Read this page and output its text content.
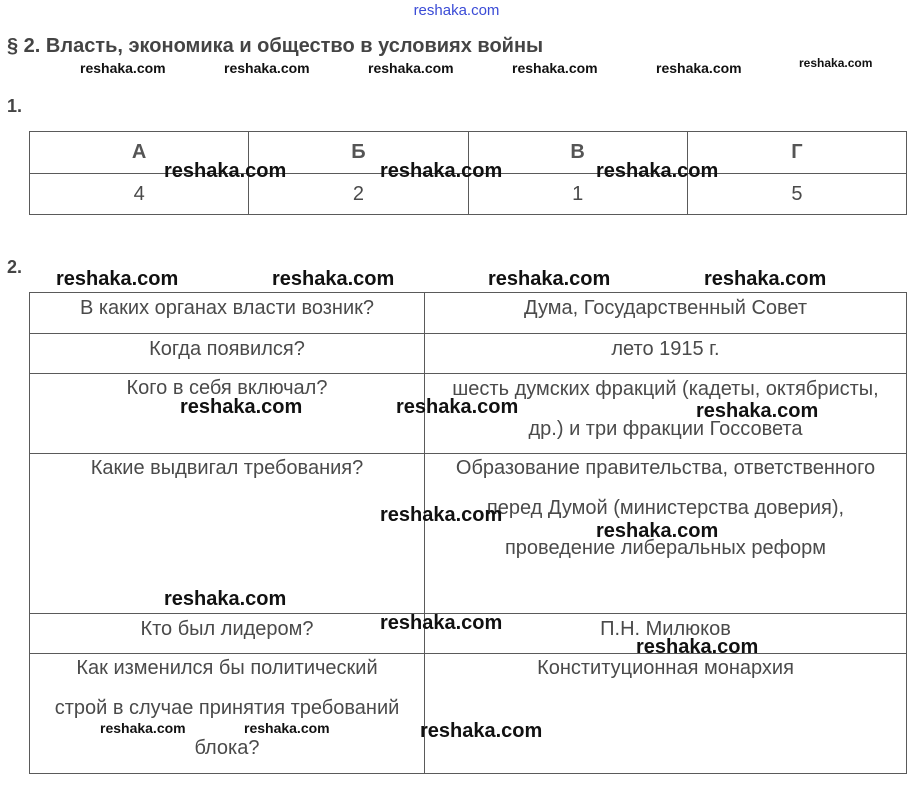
reshaka.com
§ 2. Власть, экономика и общество в условиях войны
1.
А	Б	В	Г
4	2	1	5
2.
В каких органах власти возник?	Дума, Государственный Совет

Когда появился?	лето 1915 г.

Кого в себя включал?	шесть думских фракций (кадеты, октябристы, др.) и три фракции Госсовета

Какие выдвигал требования?	Образование правительства, ответственного перед Думой (министерства доверия), проведение либеральных реформ

Кто был лидером?	П.Н. Милюков

Как изменился бы политический строй в случае принятия требований блока?	Конституционная монархия
reshaka.com	reshaka.com	reshaka.com	reshaka.com	reshaka.com	reshaka.com
reshaka.com	reshaka.com	reshaka.com
reshaka.com	reshaka.com	reshaka.com	reshaka.com
reshaka.com	reshaka.com	reshaka.com
reshaka.com
reshaka.com
reshaka.com
reshaka.com
reshaka.com
reshaka.com	reshaka.com	reshaka.com
